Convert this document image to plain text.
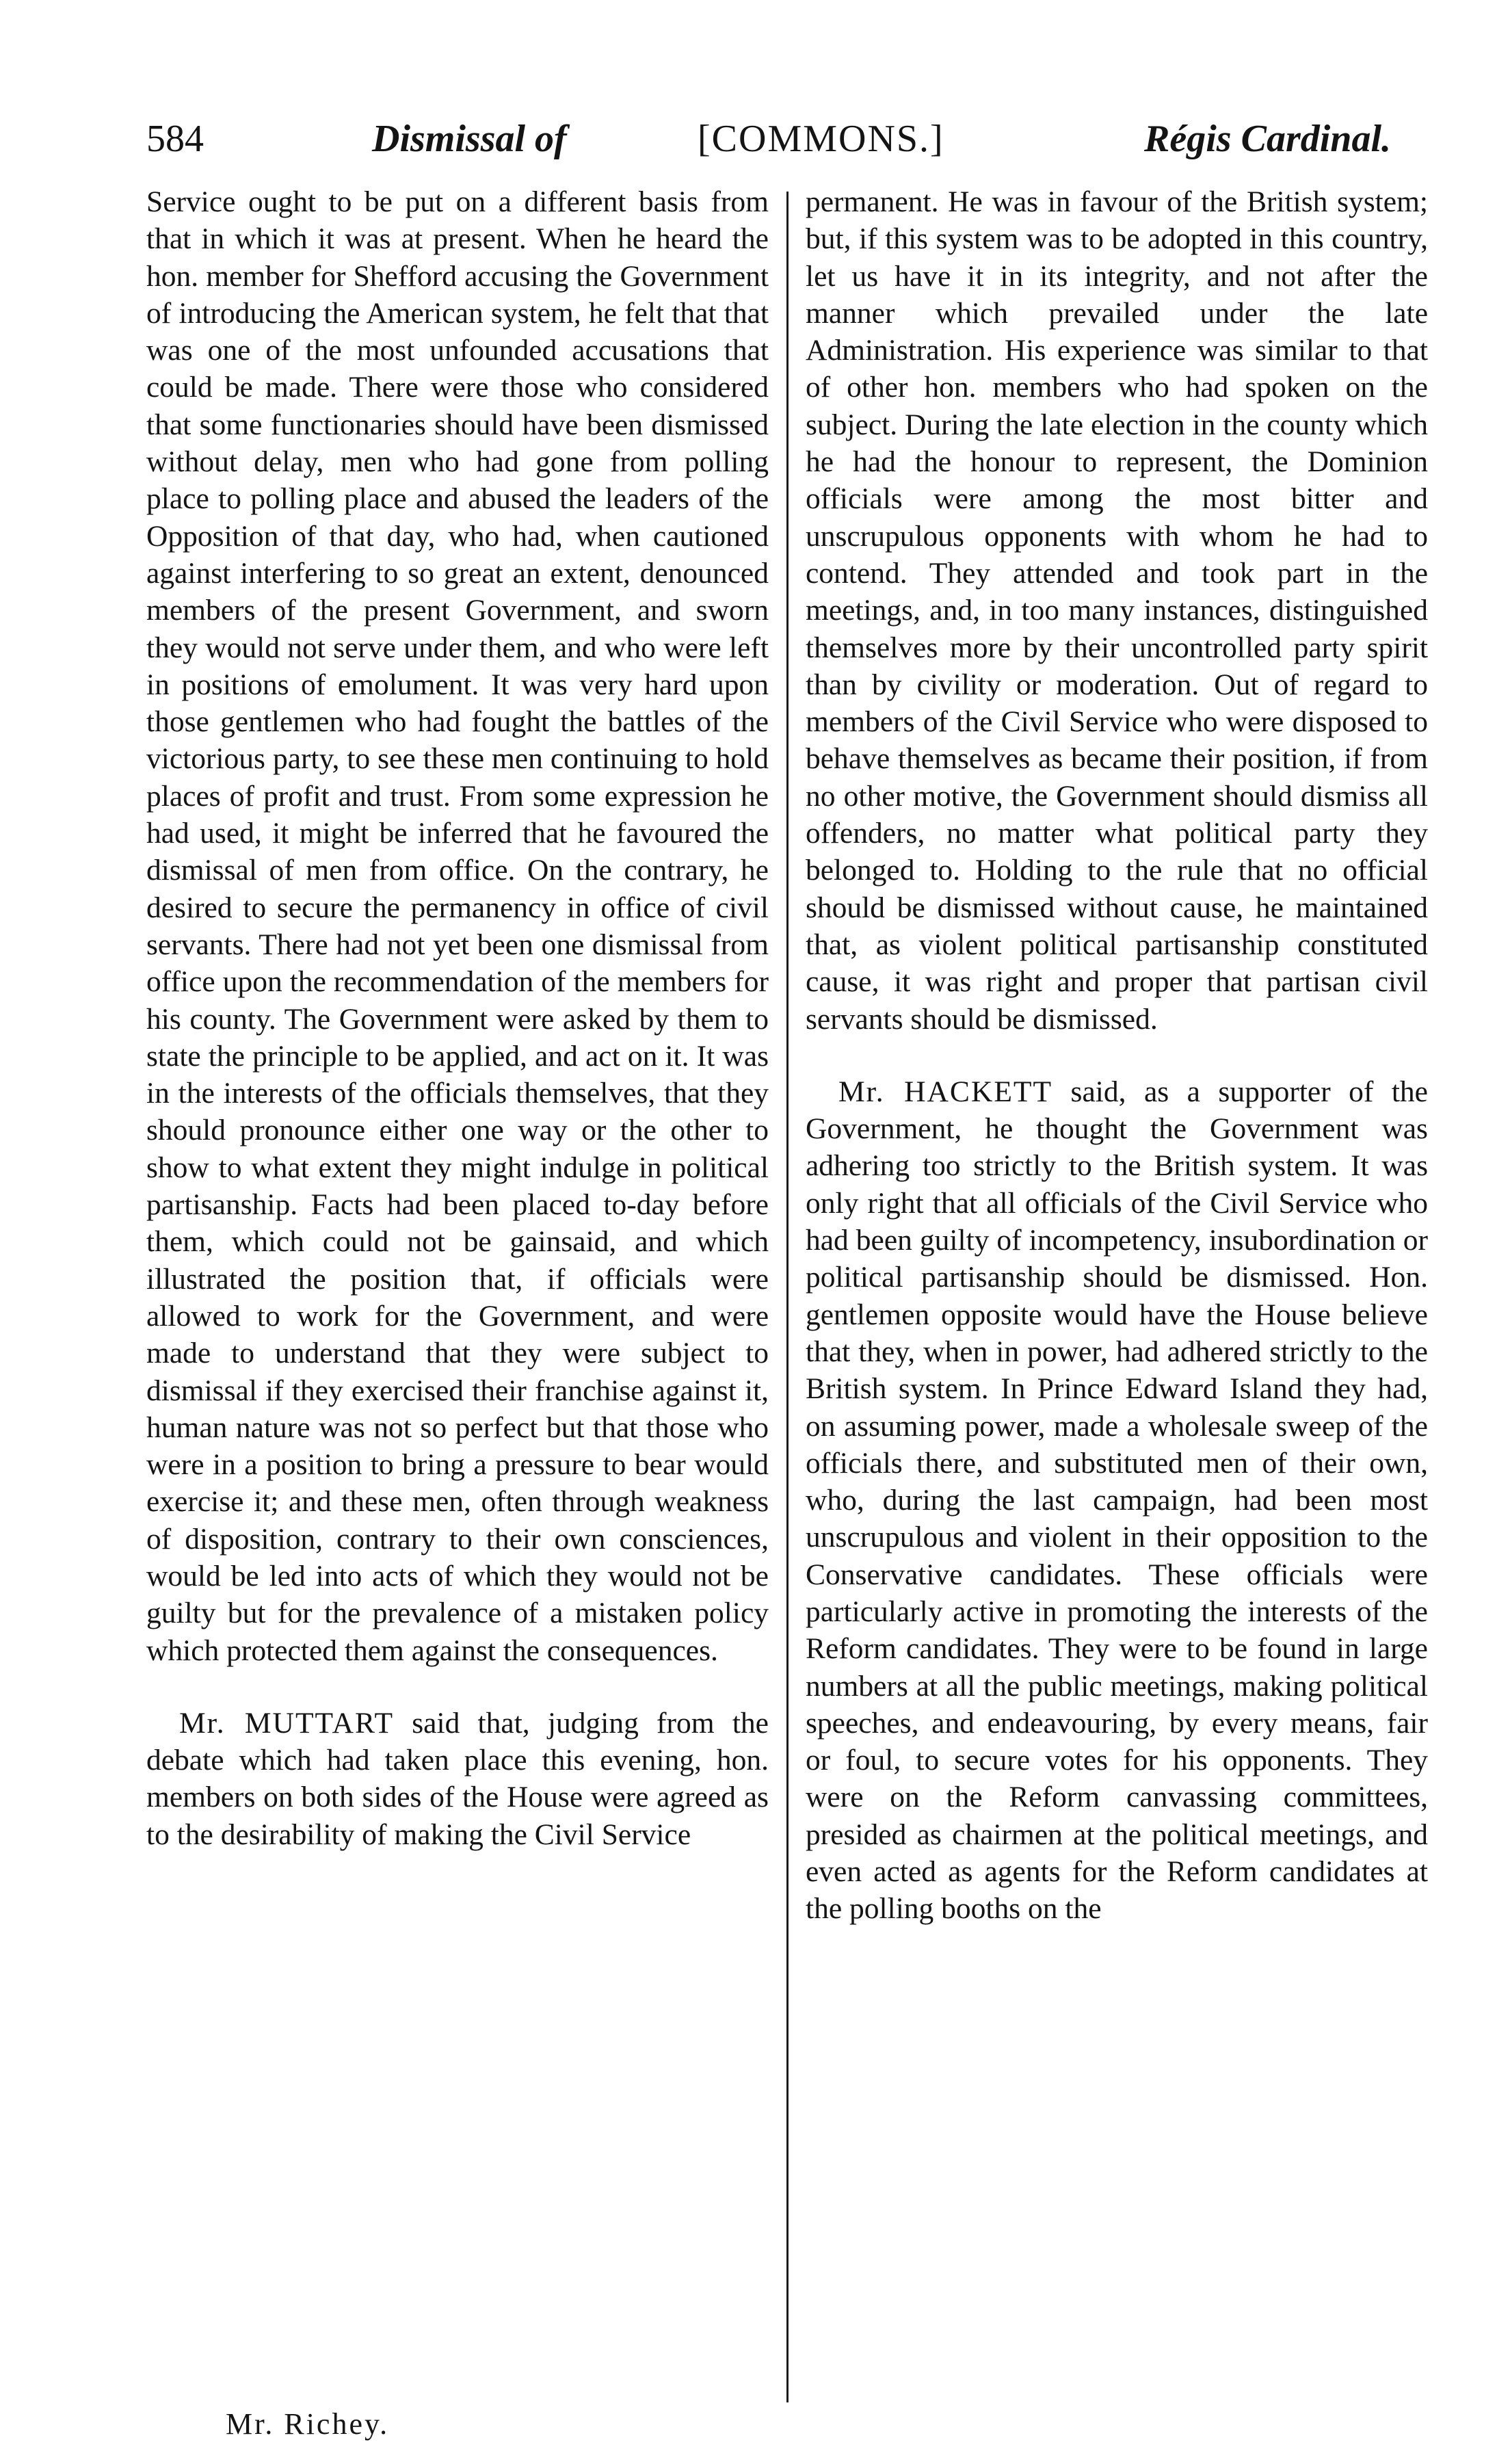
584	Dismissal of	[COMMONS.]	Régis Cardinal.

Service ought to be put on a different basis from that in which it was at present. When he heard the hon. member for Shefford accusing the Government of introducing the American system, he felt that that was one of the most unfounded accusations that could be made. There were those who considered that some functionaries should have been dismissed without delay, men who had gone from polling place to polling place and abused the leaders of the Opposition of that day, who had, when cautioned against interfering to so great an extent, denounced members of the present Government, and sworn they would not serve under them, and who were left in positions of emolument. It was very hard upon those gentlemen who had fought the battles of the victorious party, to see these men continuing to hold places of profit and trust. From some expression he had used, it might be inferred that he favoured the dismissal of men from office. On the contrary, he desired to secure the permanency in office of civil servants. There had not yet been one dismissal from office upon the recommendation of the members for his county. The Government were asked by them to state the principle to be applied, and act on it. It was in the interests of the officials themselves, that they should pronounce either one way or the other to show to what extent they might indulge in political partisanship. Facts had been placed to-day before them, which could not be gainsaid, and which illustrated the position that, if officials were allowed to work for the Government, and were made to understand that they were subject to dismissal if they exercised their franchise against it, human nature was not so perfect but that those who were in a position to bring a pressure to bear would exercise it; and these men, often through weakness of disposition, contrary to their own consciences, would be led into acts of which they would not be guilty but for the prevalence of a mistaken policy which protected them against the consequences.

Mr. MUTTART said that, judging from the debate which had taken place this evening, hon. members on both sides of the House were agreed as to the desirability of making the Civil Service

permanent. He was in favour of the British system; but, if this system was to be adopted in this country, let us have it in its integrity, and not after the manner which prevailed under the late Administration. His experience was similar to that of other hon. members who had spoken on the subject. During the late election in the county which he had the honour to represent, the Dominion officials were among the most bitter and unscrupulous opponents with whom he had to contend. They attended and took part in the meetings, and, in too many instances, distinguished themselves more by their uncontrolled party spirit than by civility or moderation. Out of regard to members of the Civil Service who were disposed to behave themselves as became their position, if from no other motive, the Government should dismiss all offenders, no matter what political party they belonged to. Holding to the rule that no official should be dismissed without cause, he maintained that, as violent political partisanship constituted cause, it was right and proper that partisan civil servants should be dismissed.

Mr. HACKETT said, as a supporter of the Government, he thought the Government was adhering too strictly to the British system. It was only right that all officials of the Civil Service who had been guilty of incompetency, insubordination or political partisanship should be dismissed. Hon. gentlemen opposite would have the House believe that they, when in power, had adhered strictly to the British system. In Prince Edward Island they had, on assuming power, made a wholesale sweep of the officials there, and substituted men of their own, who, during the last campaign, had been most unscrupulous and violent in their opposition to the Conservative candidates. These officials were particularly active in promoting the interests of the Reform candidates. They were to be found in large numbers at all the public meetings, making political speeches, and endeavouring, by every means, fair or foul, to secure votes for his opponents. They were on the Reform canvassing committees, presided as chairmen at the political meetings, and even acted as agents for the Reform candidates at the polling booths on the

Mr. Richey.
